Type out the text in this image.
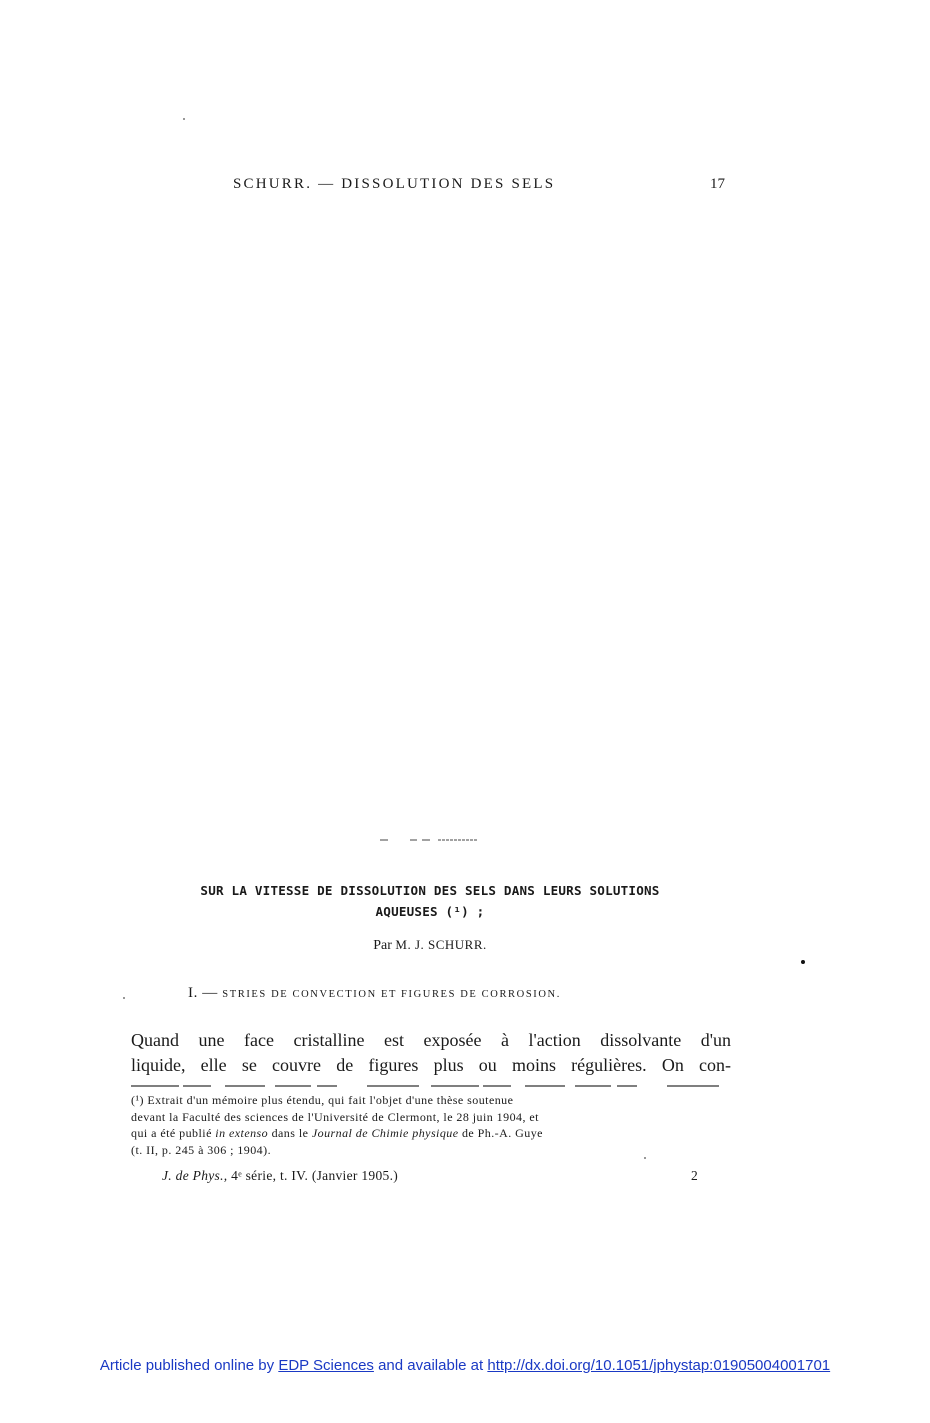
SCHURR. — DISSOLUTION DES SELS	17
SUR LA VITESSE DE DISSOLUTION DES SELS DANS LEURS SOLUTIONS
AQUEUSES (¹) ;
Par M. J. SCHURR.
I. — STRIES DE CONVECTION ET FIGURES DE CORROSION.
Quand une face cristalline est exposée à l'action dissolvante d'un
liquide, elle se couvre de figures plus ou moins régulières. On con-
(¹) Extrait d'un mémoire plus étendu, qui fait l'objet d'une thèse soutenue
devant la Faculté des sciences de l'Université de Clermont, le 28 juin 1904, et
qui a été publié in extenso dans le Journal de Chimie physique de Ph.-A. Guye
(t. II, p. 245 à 306 ; 1904).
J. de Phys., 4ᵉ série, t. IV. (Janvier 1905.)	2
Article published online by EDP Sciences and available at http://dx.doi.org/10.1051/jphystap:01905004001701
